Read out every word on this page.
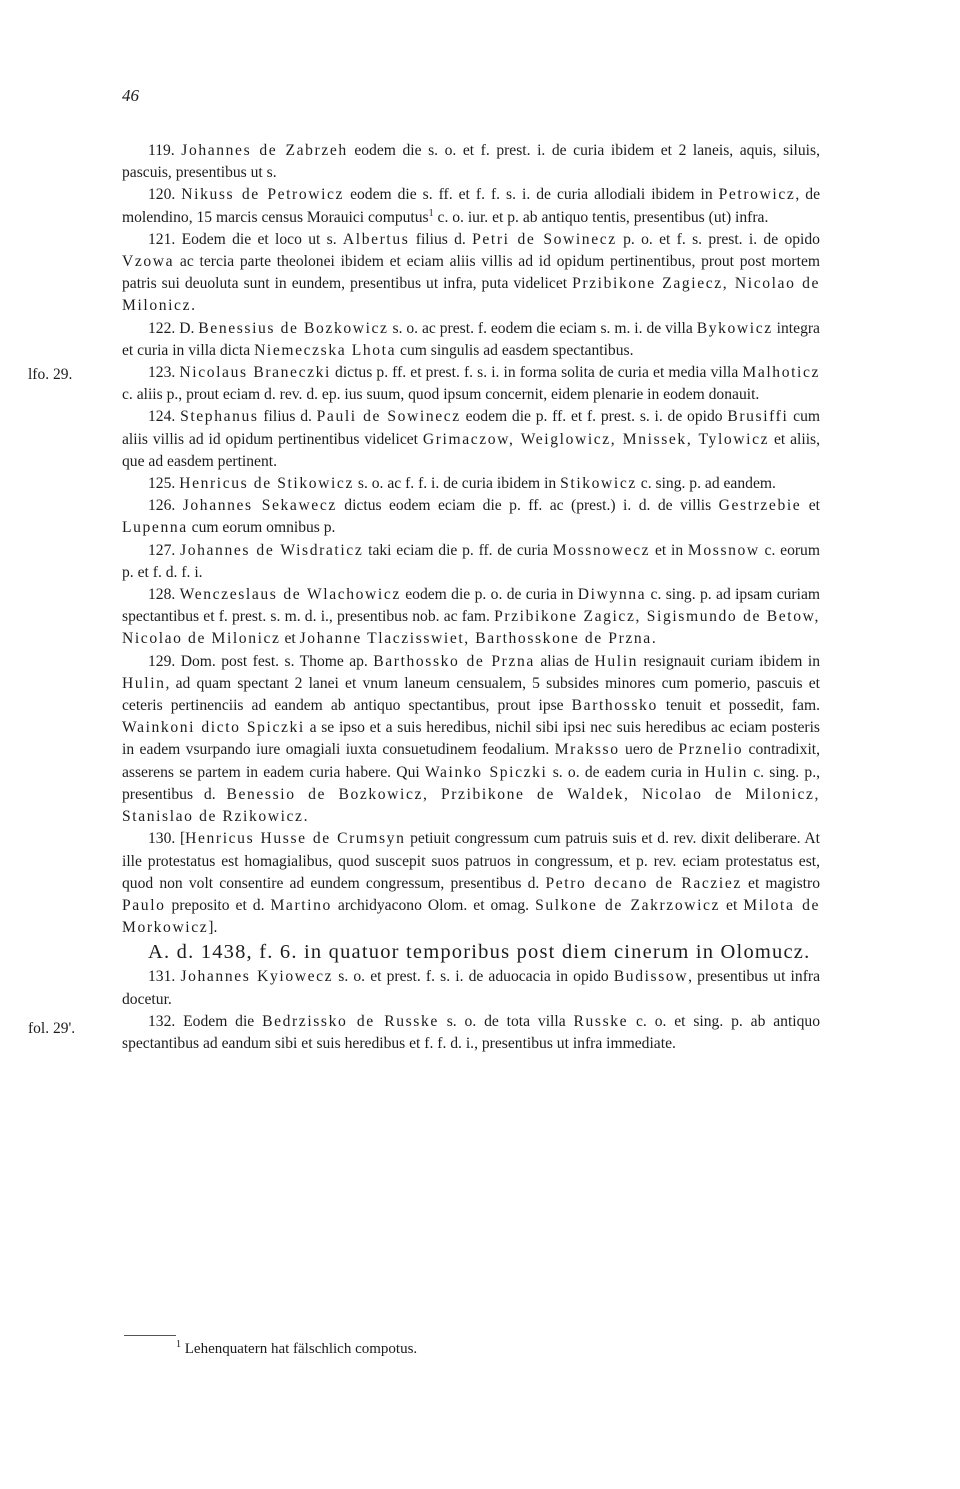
46
lfo. 29.
fol. 29'.

119. Johannes de Zabrzeh eodem die s. o. et f. prest. i. de curia ibidem et 2 laneis, aquis, siluis, pascuis, presentibus ut s.

120. Nikuss de Petrowicz eodem die s. ff. et f. f. s. i. de curia allodiali ibidem in Petrowicz, de molendino, 15 marcis census Morauici computus$^1$ c. o. iur. et p. ab antiquo tentis, presentibus (ut) infra.

121. Eodem die et loco ut s. Albertus filius d. Petri de Sowinecz p. o. et f. s. prest. i. de opido Vzowa ac tercia parte theolonei ibidem et eciam aliis villis ad id opidum pertinentibus, prout post mortem patris sui deuoluta sunt in eundem, presentibus ut infra, puta videlicet Przibikone Zagiecz, Nicolao de Milonicz.

122. D. Benessius de Bozkowicz s. o. ac prest. f. eodem die eciam s. m. i. de villa Bykowicz integra et curia in villa dicta Niemeczska Lhota cum singulis ad easdem spectantibus.

123. Nicolaus Braneczki dictus p. ff. et prest. f. s. i. in forma solita de curia et media villa Malhoticz c. aliis p., prout eciam d. rev. d. ep. ius suum, quod ipsum concernit, eidem plenarie in eodem donauit.

124. Stephanus filius d. Pauli de Sowinecz eodem die p. ff. et f. prest. s. i. de opido Brusiffi cum aliis villis ad id opidum pertinentibus videlicet Grimaczow, Weiglowicz, Mnissek, Tylowicz et aliis, que ad easdem pertinent.

125. Henricus de Stikowicz s. o. ac f. f. i. de curia ibidem in Stikowicz c. sing. p. ad eandem.

126. Johannes Sekawecz dictus eodem eciam die p. ff. ac (prest.) i. d. de villis Gestrzebie et Lupenna cum eorum omnibus p.

127. Johannes de Wisdraticz taki eciam die p. ff. de curia Mossnowecz et in Mossnow c. eorum p. et f. d. f. i.

128. Wenczeslaus de Wlachowicz eodem die p. o. de curia in Diwynna c. sing. p. ad ipsam curiam spectantibus et f. prest. s. m. d. i., presentibus nob. ac fam. Przibikone Zagicz, Sigismundo de Betow, Nicolao de Milonicz et Johanne Tlaczisswiet, Barthosskone de Przna.

129. Dom. post fest. s. Thome ap. Barthossko de Przna alias de Hulin resignauit curiam ibidem in Hulin, ad quam spectant 2 lanei et vnum laneum censualem, 5 subsides minores cum pomerio, pascuis et ceteris pertinenciis ad eandem ab antiquo spectantibus, prout ipse Barthossko tenuit et possedit, fam. Wainkoni dicto Spiczki a se ipso et a suis heredibus, nichil sibi ipsi nec suis heredibus ac eciam posteris in eadem vsurpando iure omagiali iuxta consuetudinem feodalium. Mraksso uero de Prznelio contradixit, asserens se partem in eadem curia habere. Qui Wainko Spiczki s. o. de eadem curia in Hulin c. sing. p., presentibus d. Benessio de Bozkowicz, Przibikone de Waldek, Nicolao de Milonicz, Stanislao de Rzikowicz.

130. [Henricus Husse de Crumsyn petiuit congressum cum patruis suis et d. rev. dixit deliberare. At ille protestatus est homagialibus, quod suscepit suos patruos in congressum, et p. rev. eciam protestatus est, quod non volt consentire ad eundem congressum, presentibus d. Petro decano de Racziez et magistro Paulo preposito et d. Martino archidyacono Olom. et omag. Sulkone de Zakrzowicz et Milota de Morkowicz].

A. d. 1438, f. 6. in quatuor temporibus post diem cinerum in Olomucz.

131. Johannes Kyiowecz s. o. et prest. f. s. i. de aduocacia in opido Budissow, presentibus ut infra docetur.

132. Eodem die Bedrzissko de Russke s. o. de tota villa Russke c. o. et sing. p. ab antiquo spectantibus ad eandum sibi et suis heredibus et f. f. d. i., presentibus ut infra immediate.

$^1$ Lehenquatern hat fälschlich compotus.
